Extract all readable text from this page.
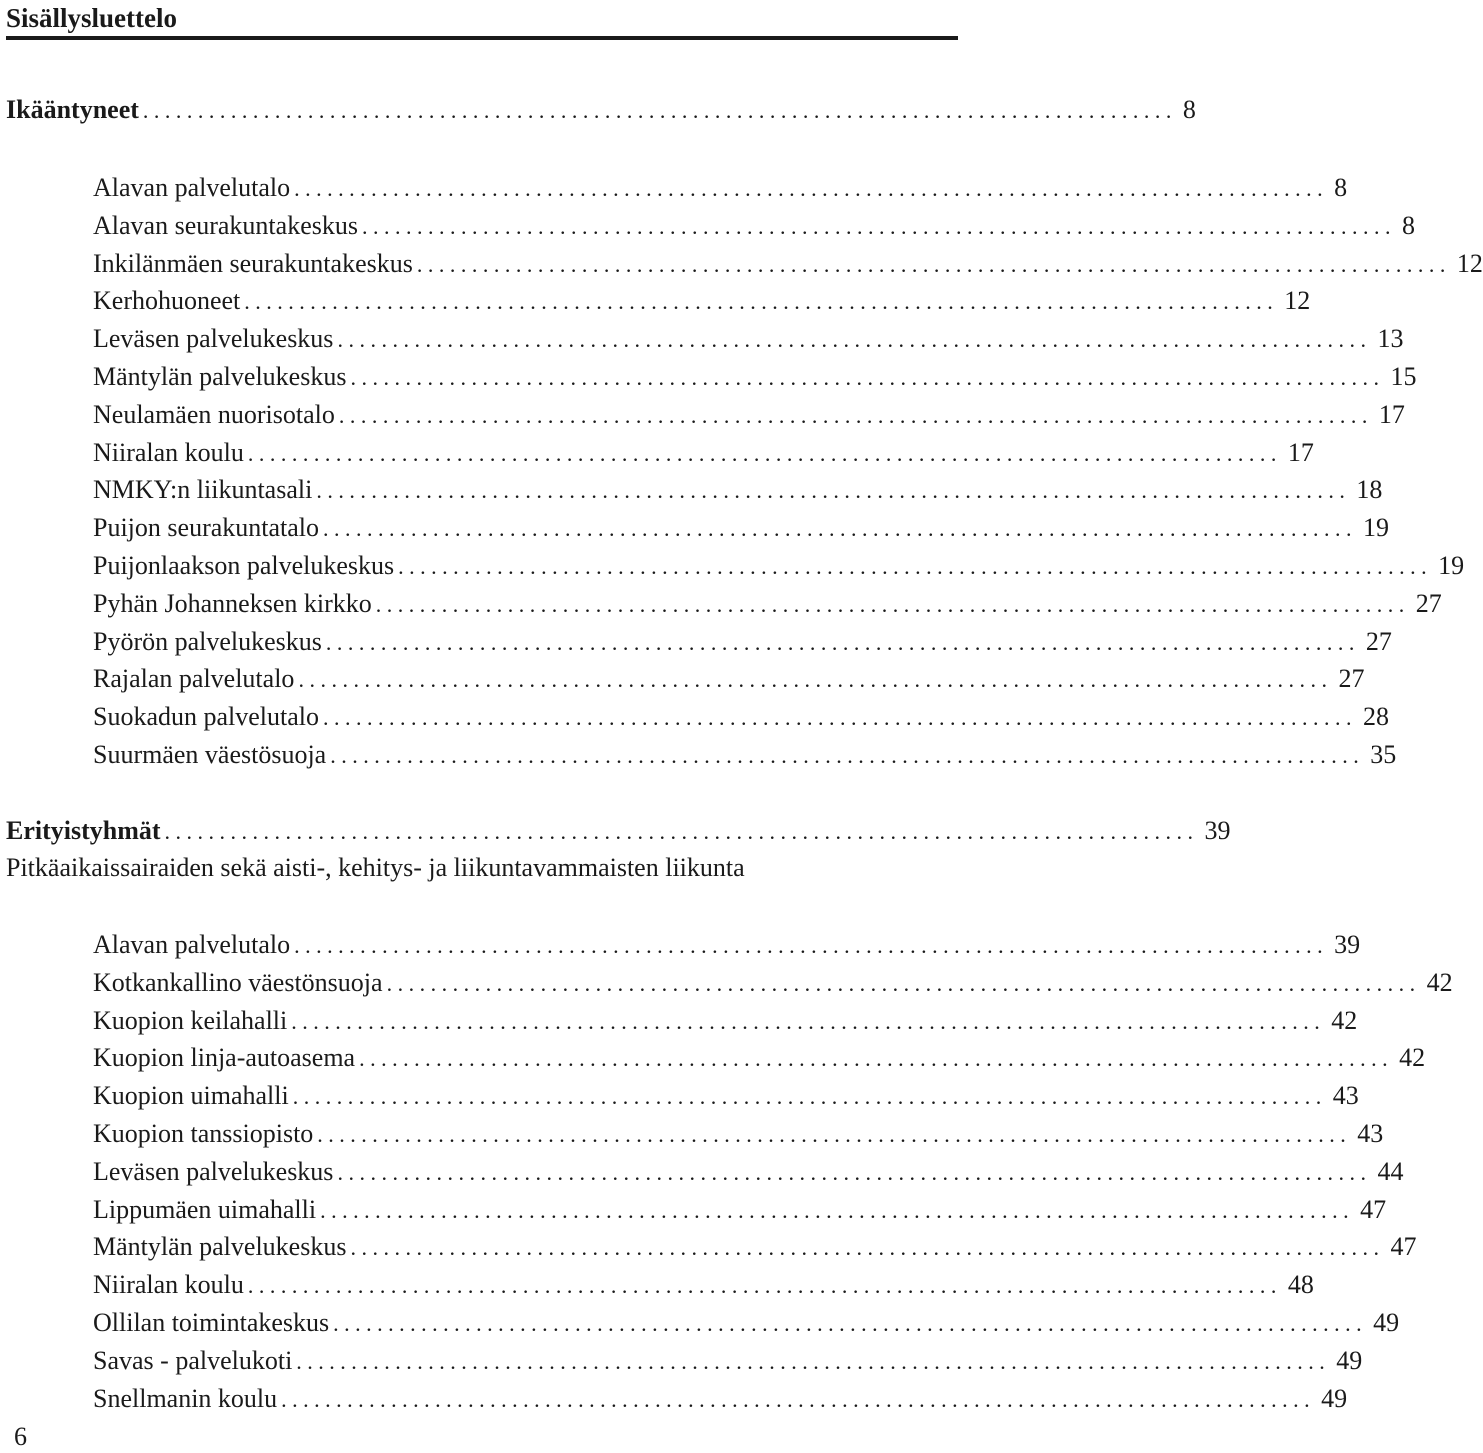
Sisällysluettelo
Ikääntyneet .............................................................................................. 8
Alavan palvelutalo .............................................................................................. 8
Alavan seurakuntakeskus .............................................................................................. 8
Inkilänmäen seurakuntakeskus .............................................................................................. 12
Kerhohuoneet .............................................................................................. 12
Leväsen palvelukeskus .............................................................................................. 13
Mäntylän palvelukeskus .............................................................................................. 15
Neulamäen nuorisotalo .............................................................................................. 17
Niiralan koulu .............................................................................................. 17
NMKY:n liikuntasali .............................................................................................. 18
Puijon seurakuntatalo .............................................................................................. 19
Puijonlaakson palvelukeskus .............................................................................................. 19
Pyhän Johanneksen kirkko .............................................................................................. 27
Pyörön palvelukeskus .............................................................................................. 27
Rajalan palvelutalo .............................................................................................. 27
Suokadun palvelutalo .............................................................................................. 28
Suurmäen väestösuoja .............................................................................................. 35
Erityistyhmät .............................................................................................. 39
Pitkäaikaissairaiden sekä aisti-, kehitys- ja liikuntavammaisten liikunta
Alavan palvelutalo .............................................................................................. 39
Kotkankallino väestönsuoja .............................................................................................. 42
Kuopion keilahalli .............................................................................................. 42
Kuopion linja-autoasema .............................................................................................. 42
Kuopion uimahalli .............................................................................................. 43
Kuopion tanssiopisto .............................................................................................. 43
Leväsen palvelukeskus .............................................................................................. 44
Lippumäen uimahalli .............................................................................................. 47
Mäntylän palvelukeskus .............................................................................................. 47
Niiralan koulu .............................................................................................. 48
Ollilan toimintakeskus .............................................................................................. 49
Savas - palvelukoti .............................................................................................. 49
Snellmanin koulu .............................................................................................. 49
6
